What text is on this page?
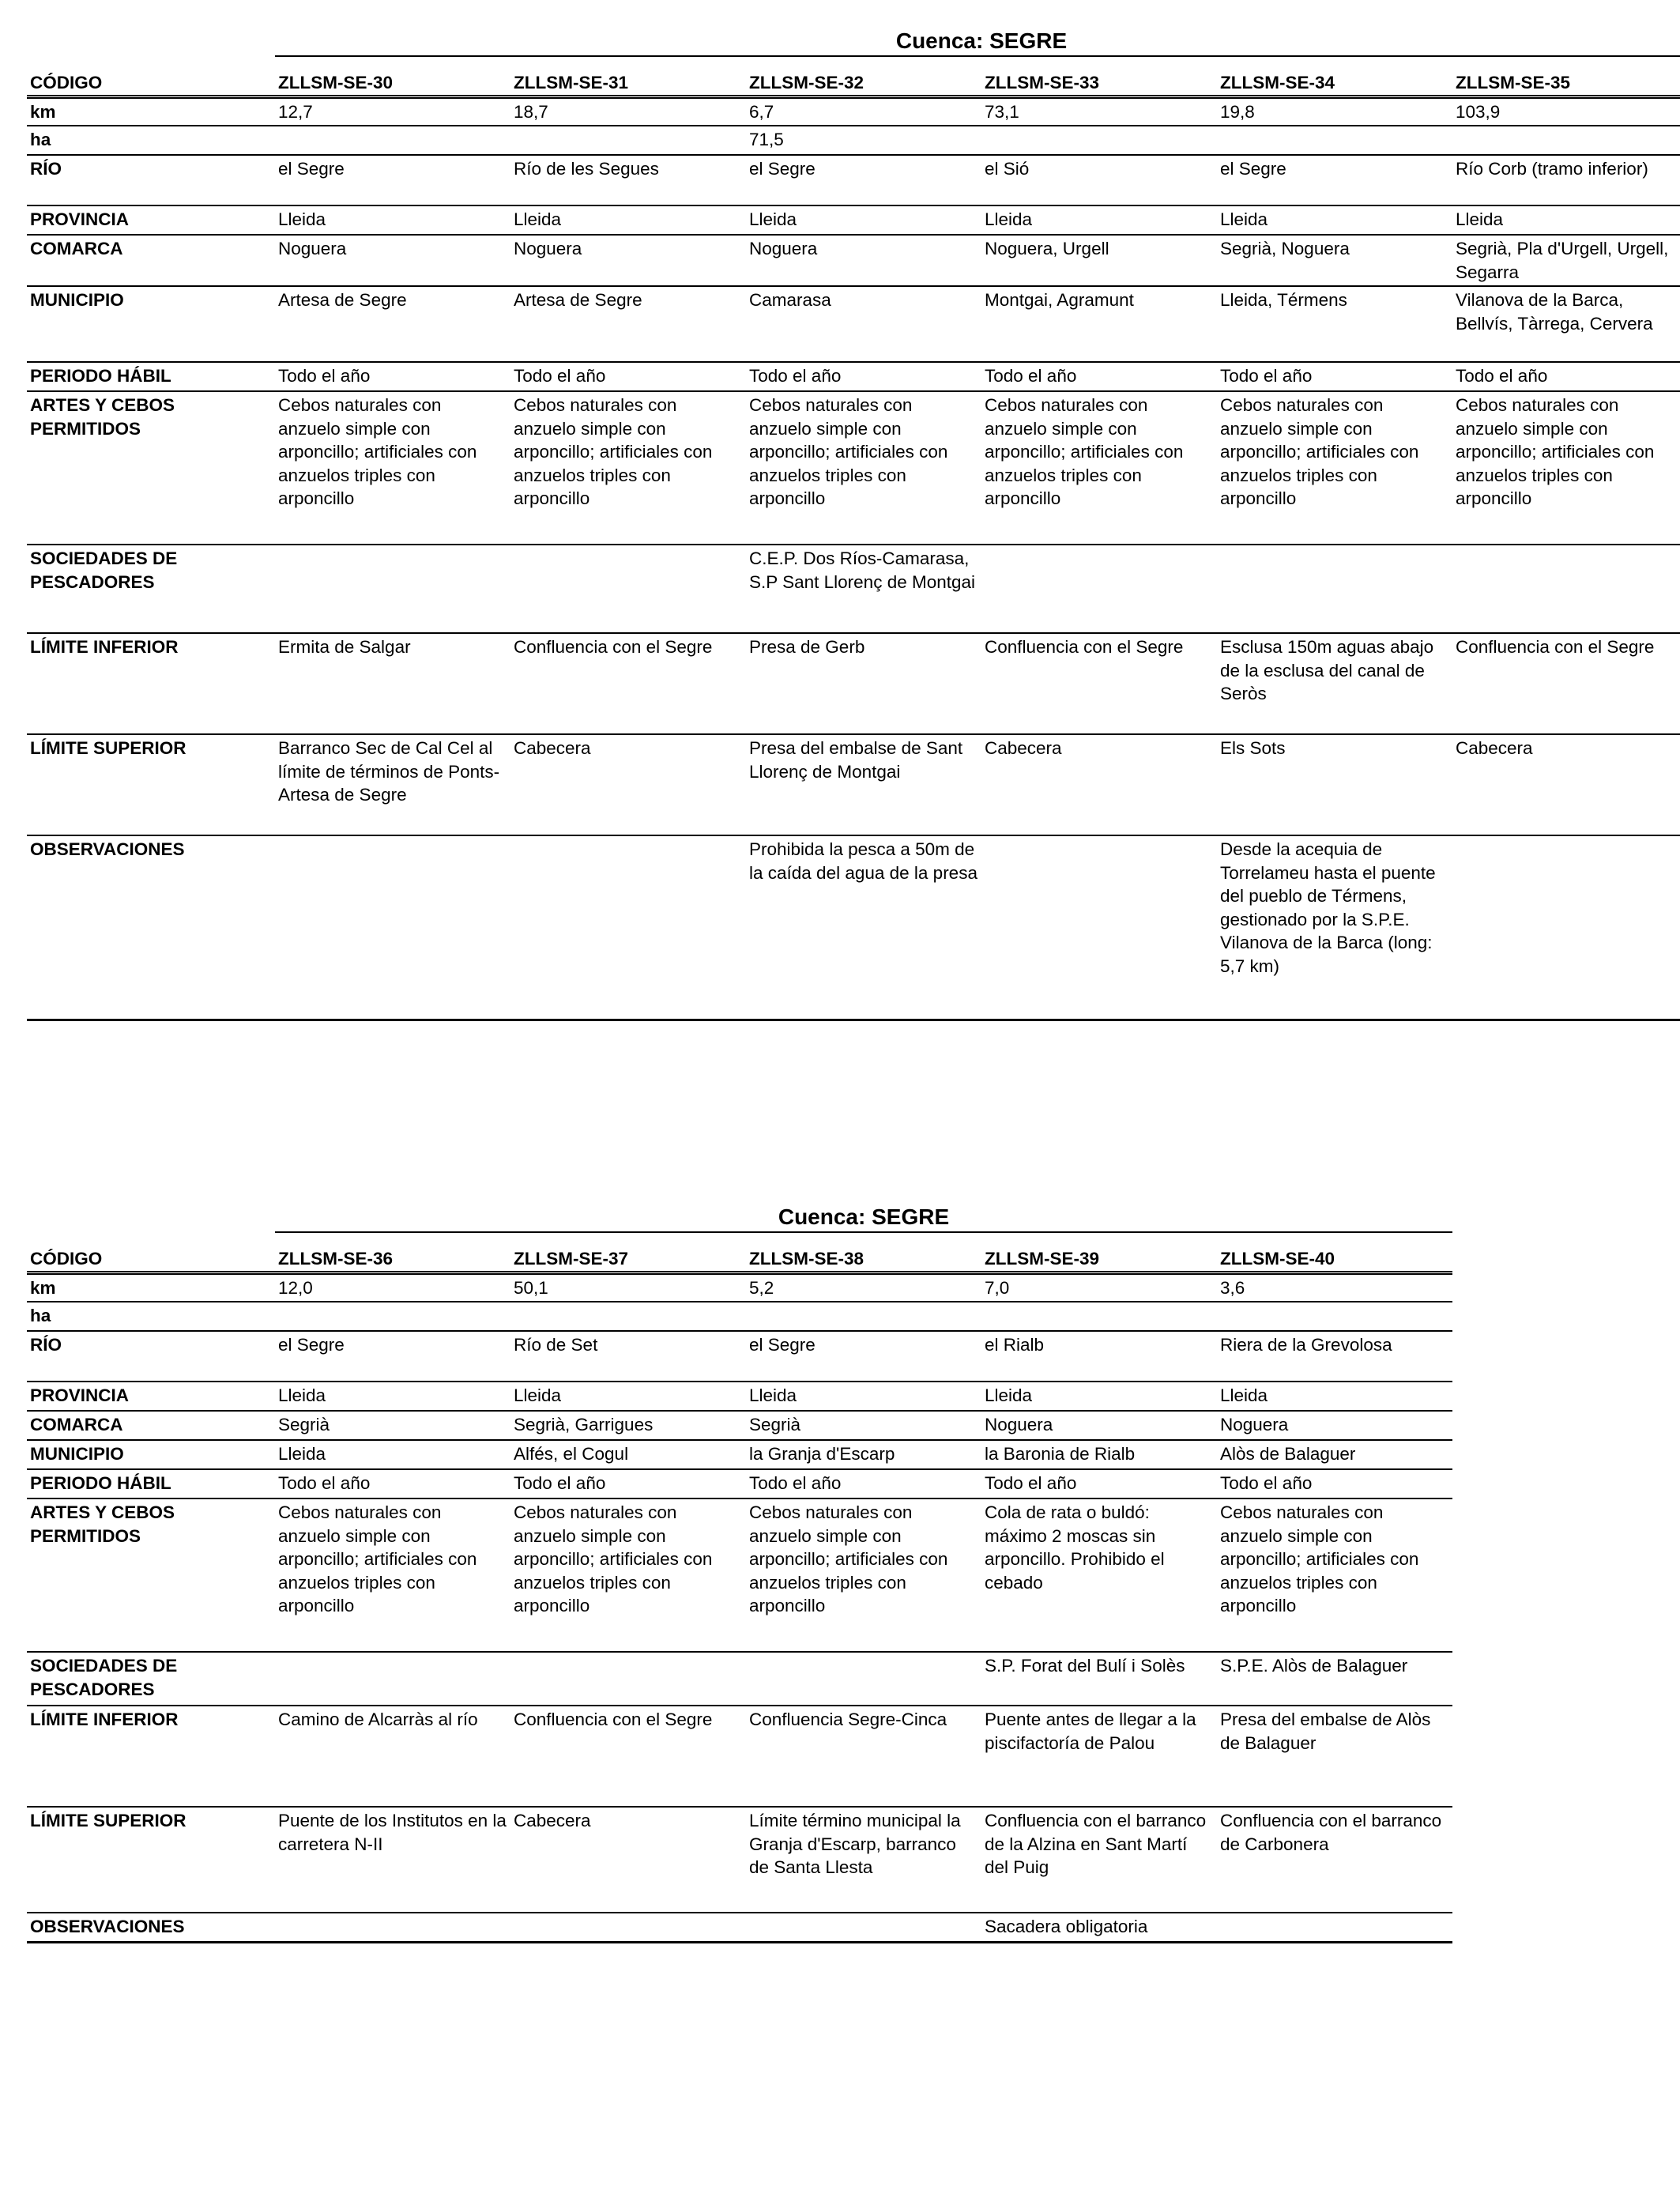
Cuenca: SEGRE
CÓDIGO	ZLLSM-SE-30	ZLLSM-SE-31	ZLLSM-SE-32	ZLLSM-SE-33	ZLLSM-SE-34	ZLLSM-SE-35
km	12,7	18,7	6,7	73,1	19,8	103,9
ha			71,5			
RÍO	el Segre	Río de les Segues	el Segre	el Sió	el Segre	Río Corb (tramo inferior)
PROVINCIA	Lleida	Lleida	Lleida	Lleida	Lleida	Lleida
COMARCA	Noguera	Noguera	Noguera	Noguera, Urgell	Segrià, Noguera	Segrià, Pla d'Urgell, Urgell, Segarra
MUNICIPIO	Artesa de Segre	Artesa de Segre	Camarasa	Montgai, Agramunt	Lleida, Térmens	Vilanova de la Barca, Bellvís, Tàrrega, Cervera
PERIODO HÁBIL	Todo el año	Todo el año	Todo el año	Todo el año	Todo el año	Todo el año
ARTES Y CEBOS PERMITIDOS	Cebos naturales con anzuelo simple con arponcillo; artificiales con anzuelos triples con arponcillo	Cebos naturales con anzuelo simple con arponcillo; artificiales con anzuelos triples con arponcillo	Cebos naturales con anzuelo simple con arponcillo; artificiales con anzuelos triples con arponcillo	Cebos naturales con anzuelo simple con arponcillo; artificiales con anzuelos triples con arponcillo	Cebos naturales con anzuelo simple con arponcillo; artificiales con anzuelos triples con arponcillo	Cebos naturales con anzuelo simple con arponcillo; artificiales con anzuelos triples con arponcillo
SOCIEDADES DE PESCADORES			C.E.P. Dos Ríos-Camarasa, S.P Sant Llorenç de Montgai			
LÍMITE INFERIOR	Ermita de Salgar	Confluencia con el Segre	Presa de Gerb	Confluencia con el Segre	Esclusa 150m aguas abajo de la esclusa del canal de Seròs	Confluencia con el Segre
LÍMITE SUPERIOR	Barranco Sec de Cal Cel al límite de términos de Ponts-Artesa de Segre	Cabecera	Presa del embalse de Sant Llorenç de Montgai	Cabecera	Els Sots	Cabecera
OBSERVACIONES			Prohibida la pesca a 50m de la caída del agua de la presa		Desde la acequia de Torrelameu hasta el puente del pueblo de Térmens, gestionado por la S.P.E. Vilanova de la Barca (long: 5,7 km)	
Cuenca: SEGRE
CÓDIGO	ZLLSM-SE-36	ZLLSM-SE-37	ZLLSM-SE-38	ZLLSM-SE-39	ZLLSM-SE-40
km	12,0	50,1	5,2	7,0	3,6
ha					
RÍO	el Segre	Río de Set	el Segre	el Rialb	Riera de la Grevolosa
PROVINCIA	Lleida	Lleida	Lleida	Lleida	Lleida
COMARCA	Segrià	Segrià, Garrigues	Segrià	Noguera	Noguera
MUNICIPIO	Lleida	Alfés, el Cogul	la Granja d'Escarp	la Baronia de Rialb	Alòs de Balaguer
PERIODO HÁBIL	Todo el año	Todo el año	Todo el año	Todo el año	Todo el año
ARTES Y CEBOS PERMITIDOS	Cebos naturales con anzuelo simple con arponcillo; artificiales con anzuelos triples con arponcillo	Cebos naturales con anzuelo simple con arponcillo; artificiales con anzuelos triples con arponcillo	Cebos naturales con anzuelo simple con arponcillo; artificiales con anzuelos triples con arponcillo	Cola de rata o buldó: máximo 2 moscas sin arponcillo. Prohibido el cebado	Cebos naturales con anzuelo simple con arponcillo; artificiales con anzuelos triples con arponcillo
SOCIEDADES DE PESCADORES				S.P. Forat del Bulí i Solès	S.P.E. Alòs de Balaguer
LÍMITE INFERIOR	Camino de Alcarràs al río	Confluencia con el Segre	Confluencia Segre-Cinca	Puente antes de llegar a la piscifactoría de Palou	Presa del embalse de Alòs de Balaguer
LÍMITE SUPERIOR	Puente de los Institutos en la carretera N-II	Cabecera	Límite término municipal la Granja d'Escarp, barranco de Santa Llesta	Confluencia con el barranco de la Alzina en Sant Martí del Puig	Confluencia con el barranco de Carbonera
OBSERVACIONES				Sacadera obligatoria	
